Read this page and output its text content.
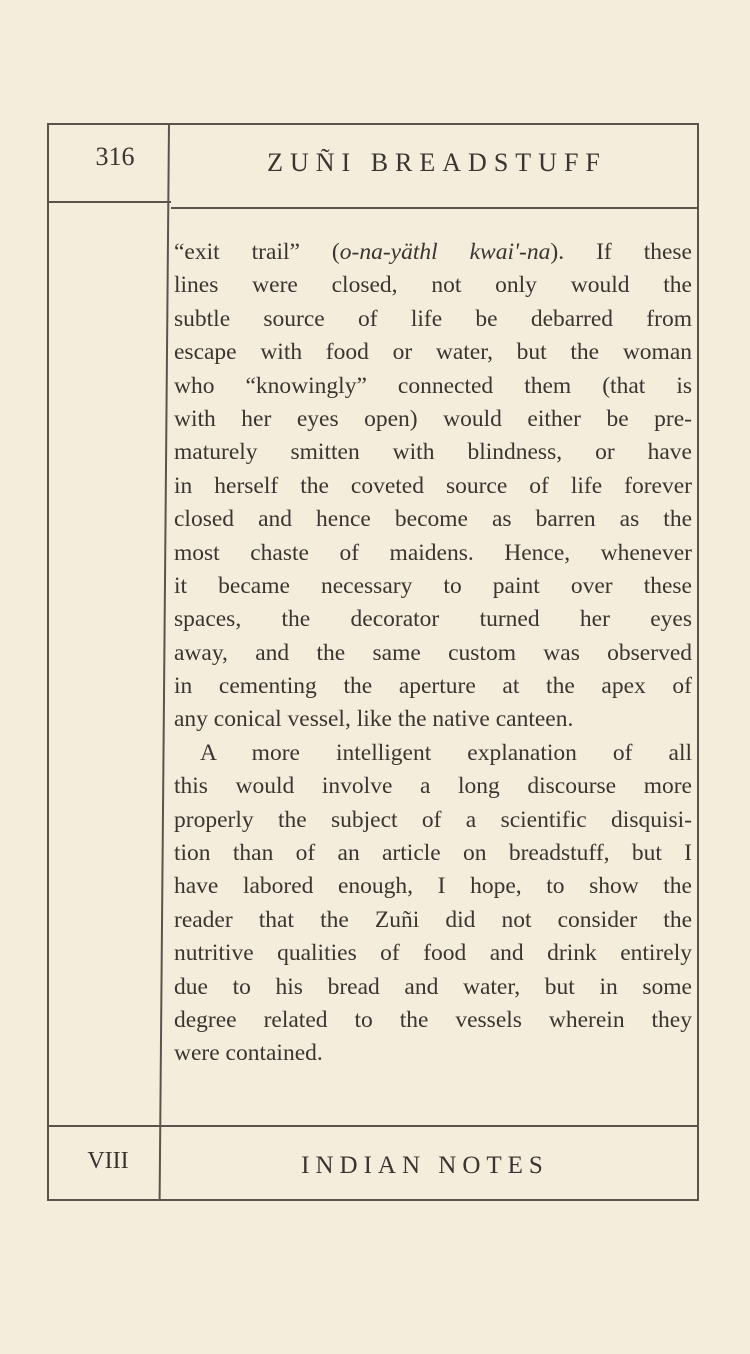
316	ZUÑI BREADSTUFF
“exit trail” (o-na-yäthl kwai'-na). If these
lines were closed, not only would the
subtle source of life be debarred from
escape with food or water, but the woman
who “knowingly” connected them (that is
with her eyes open) would either be pre-
maturely smitten with blindness, or have
in herself the coveted source of life forever
closed and hence become as barren as the
most chaste of maidens. Hence, whenever
it became necessary to paint over these
spaces, the decorator turned her eyes
away, and the same custom was observed
in cementing the aperture at the apex of
any conical vessel, like the native canteen.
A more intelligent explanation of all
this would involve a long discourse more
properly the subject of a scientific disquisi-
tion than of an article on breadstuff, but I
have labored enough, I hope, to show the
reader that the Zuñi did not consider the
nutritive qualities of food and drink entirely
due to his bread and water, but in some
degree related to the vessels wherein they
were contained.
VIII	INDIAN NOTES
